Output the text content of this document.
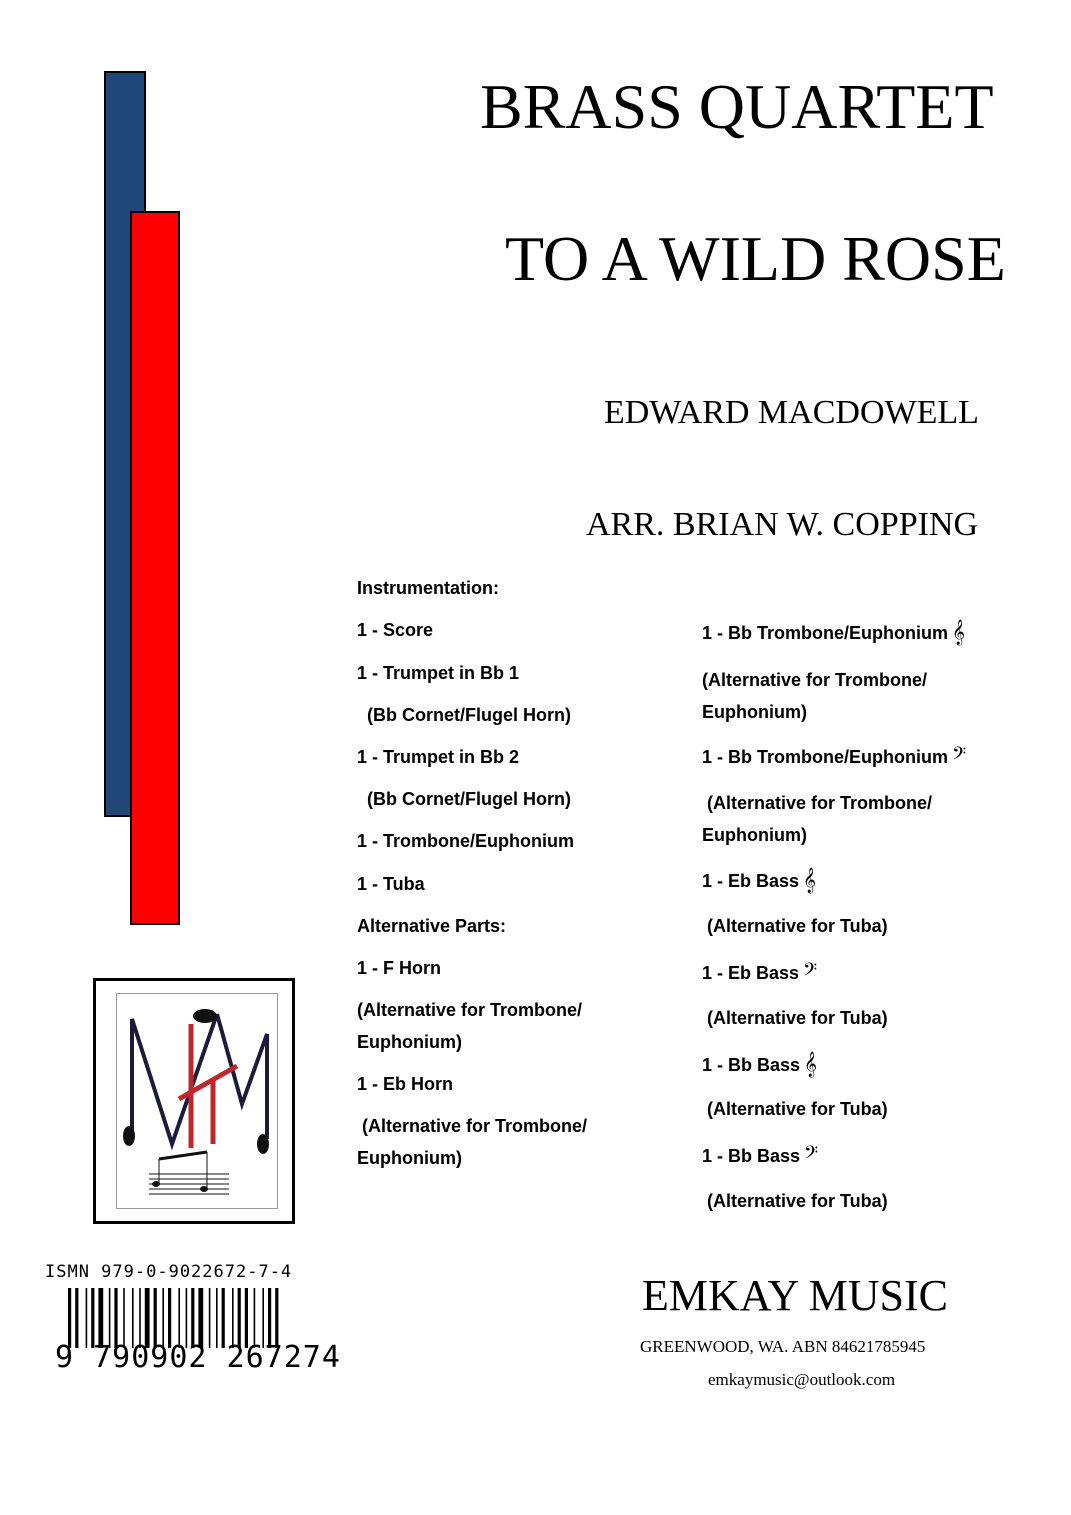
BRASS QUARTET
TO A WILD ROSE
EDWARD MACDOWELL
ARR. BRIAN W. COPPING
Instrumentation:
1 - Score
1 - Trumpet in Bb 1
(Bb Cornet/Flugel Horn)
1 - Trumpet in Bb 2
(Bb Cornet/Flugel Horn)
1 - Trombone/Euphonium
1 - Tuba
Alternative Parts:
1 - F Horn
(Alternative for Trombone/
Euphonium)
1 - Eb Horn
(Alternative for Trombone/
Euphonium)
1 - Bb Trombone/Euphonium 𝄞
(Alternative for Trombone/
Euphonium)
1 - Bb Trombone/Euphonium 𝄢
(Alternative for Trombone/
Euphonium)
1 - Eb Bass 𝄞
(Alternative for Tuba)
1 - Eb Bass 𝄢
(Alternative for Tuba)
1 - Bb Bass 𝄞
(Alternative for Tuba)
1 - Bb Bass 𝄢
(Alternative for Tuba)
ISMN 979-0-9022672-7-4
9 790902 267274
EMKAY MUSIC
GREENWOOD, WA. ABN 84621785945
emkaymusic@outlook.com
